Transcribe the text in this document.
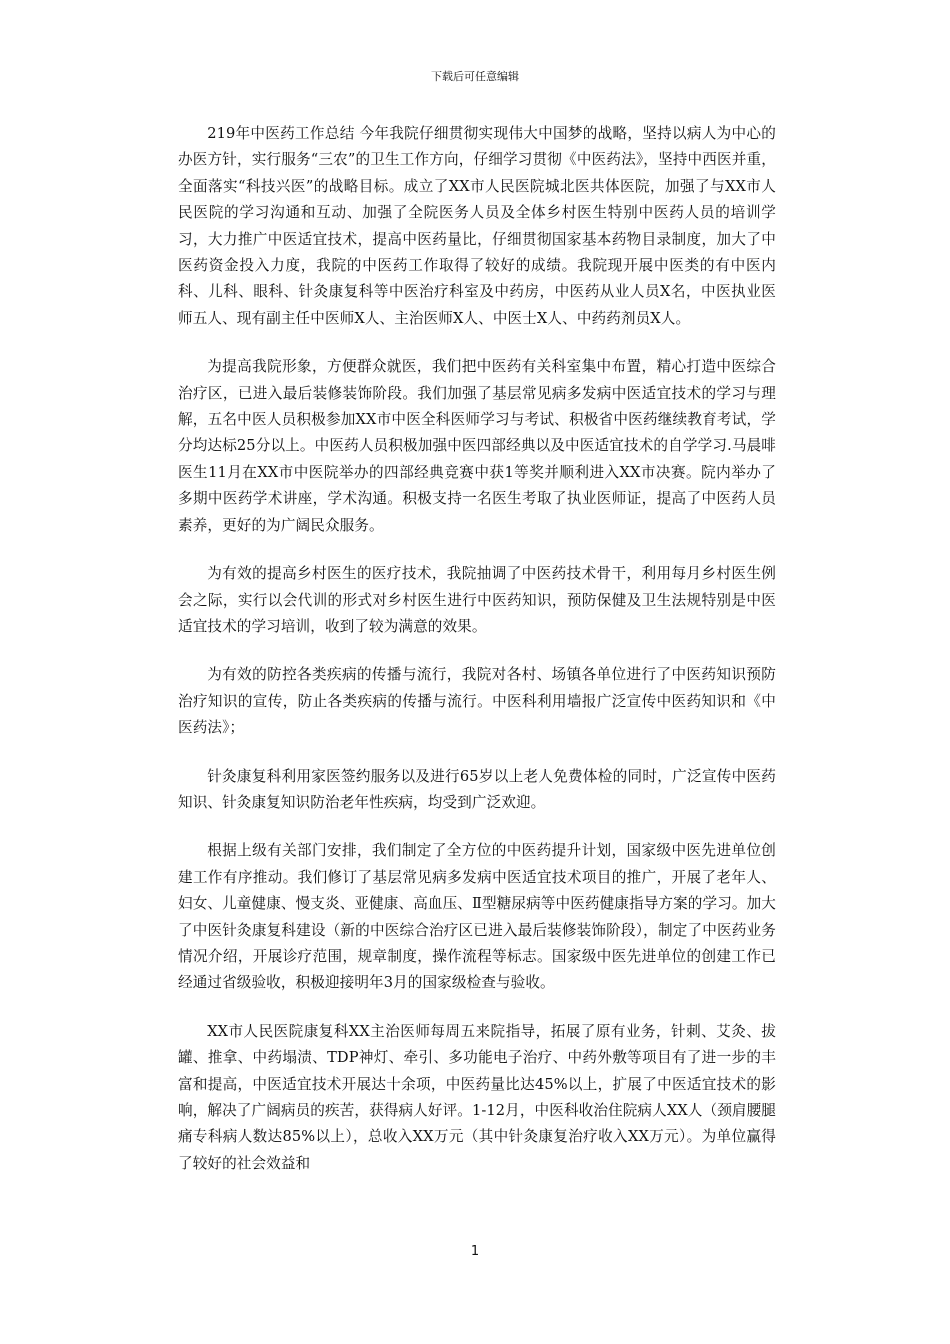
下载后可任意编辑

219年中医药工作总结 今年我院仔细贯彻实现伟大中国梦的战略，坚持以病人为中心的办医方针，实行服务“三农”的卫生工作方向，仔细学习贯彻《中医药法》，坚持中西医并重，全面落实“科技兴医”的战略目标。成立了XX市人民医院城北医共体医院，加强了与XX市人民医院的学习沟通和互动、加强了全院医务人员及全体乡村医生特别中医药人员的培训学习，大力推广中医适宜技术，提高中医药量比，仔细贯彻国家基本药物目录制度，加大了中医药资金投入力度，我院的中医药工作取得了较好的成绩。我院现开展中医类的有中医内科、儿科、眼科、针灸康复科等中医治疗科室及中药房，中医药从业人员X名，中医执业医师五人、现有副主任中医师X人、主治医师X人、中医士X人、中药药剂员X人。

为提高我院形象，方便群众就医，我们把中医药有关科室集中布置，精心打造中医综合治疗区，已进入最后装修装饰阶段。我们加强了基层常见病多发病中医适宜技术的学习与理解，五名中医人员积极参加XX市中医全科医师学习与考试、积极省中医药继续教育考试，学分均达标25分以上。中医药人员积极加强中医四部经典以及中医适宜技术的自学学习.马晨啡医生11月在XX市中医院举办的四部经典竞赛中获1等奖并顺利进入XX市决赛。院内举办了多期中医药学术讲座，学术沟通。积极支持一名医生考取了执业医师证，提高了中医药人员素养，更好的为广阔民众服务。

为有效的提高乡村医生的医疗技术，我院抽调了中医药技术骨干，利用每月乡村医生例会之际，实行以会代训的形式对乡村医生进行中医药知识，预防保健及卫生法规特别是中医适宜技术的学习培训，收到了较为满意的效果。

为有效的防控各类疾病的传播与流行，我院对各村、场镇各单位进行了中医药知识预防治疗知识的宣传，防止各类疾病的传播与流行。中医科利用墙报广泛宣传中医药知识和《中医药法》；

针灸康复科利用家医签约服务以及进行65岁以上老人免费体检的同时，广泛宣传中医药知识、针灸康复知识防治老年性疾病，均受到广泛欢迎。

根据上级有关部门安排，我们制定了全方位的中医药提升计划，国家级中医先进单位创建工作有序推动。我们修订了基层常见病多发病中医适宜技术项目的推广，开展了老年人、妇女、儿童健康、慢支炎、亚健康、高血压、Ⅱ型糖尿病等中医药健康指导方案的学习。加大了中医针灸康复科建设（新的中医综合治疗区已进入最后装修装饰阶段），制定了中医药业务情况介绍，开展诊疗范围，规章制度，操作流程等标志。国家级中医先进单位的创建工作已经通过省级验收，积极迎接明年3月的国家级检查与验收。

XX市人民医院康复科XX主治医师每周五来院指导，拓展了原有业务，针刺、艾灸、拔罐、推拿、中药塌渍、TDP神灯、牵引、多功能电子治疗、中药外敷等项目有了进一步的丰富和提高，中医适宜技术开展达十余项，中医药量比达45%以上，扩展了中医适宜技术的影响，解决了广阔病员的疾苦，获得病人好评。1-12月，中医科收治住院病人XX人（颈肩腰腿痛专科病人数达85%以上），总收入XX万元（其中针灸康复治疗收入XX万元）。为单位赢得了较好的社会效益和

1
